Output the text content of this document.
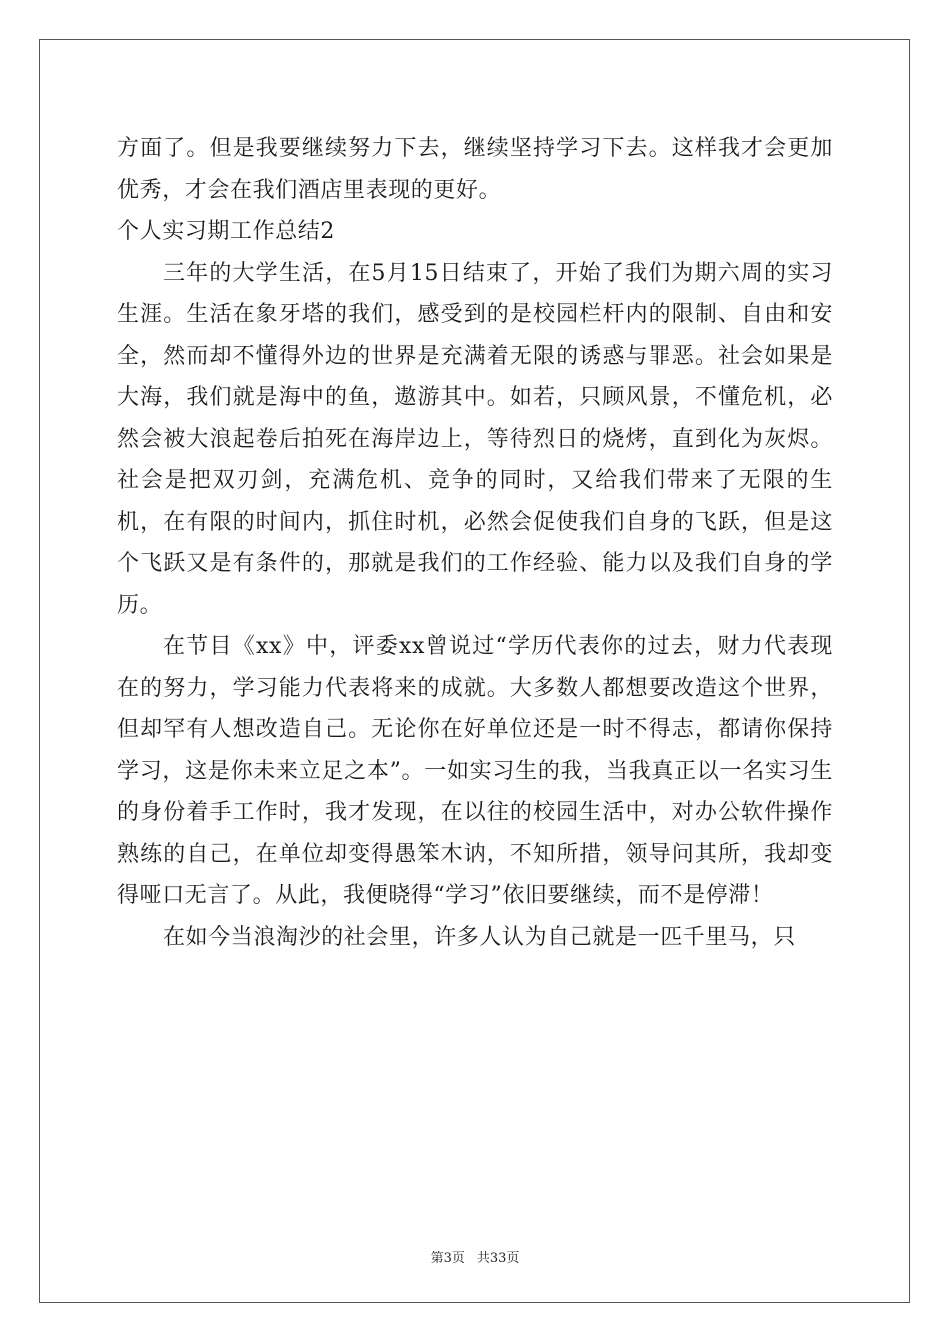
方面了。但是我要继续努力下去，继续坚持学习下去。这样我才会更加优秀，才会在我们酒店里表现的更好。

个人实习期工作总结2

三年的大学生活，在5月15日结束了，开始了我们为期六周的实习生涯。生活在象牙塔的我们，感受到的是校园栏杆内的限制、自由和安全，然而却不懂得外边的世界是充满着无限的诱惑与罪恶。社会如果是大海，我们就是海中的鱼，遨游其中。如若，只顾风景，不懂危机，必然会被大浪起卷后拍死在海岸边上，等待烈日的烧烤，直到化为灰烬。社会是把双刃剑，充满危机、竞争的同时，又给我们带来了无限的生机，在有限的时间内，抓住时机，必然会促使我们自身的飞跃，但是这个飞跃又是有条件的，那就是我们的工作经验、能力以及我们自身的学历。

在节目《xx》中，评委xx曾说过“学历代表你的过去，财力代表现在的努力，学习能力代表将来的成就。大多数人都想要改造这个世界，但却罕有人想改造自己。无论你在好单位还是一时不得志，都请你保持学习，这是你未来立足之本”。一如实习生的我，当我真正以一名实习生的身份着手工作时，我才发现，在以往的校园生活中，对办公软件操作熟练的自己，在单位却变得愚笨木讷，不知所措，领导问其所，我却变得哑口无言了。从此，我便晓得“学习”依旧要继续，而不是停滞！

在如今当浪淘沙的社会里，许多人认为自己就是一匹千里马，只

第3页 共33页
